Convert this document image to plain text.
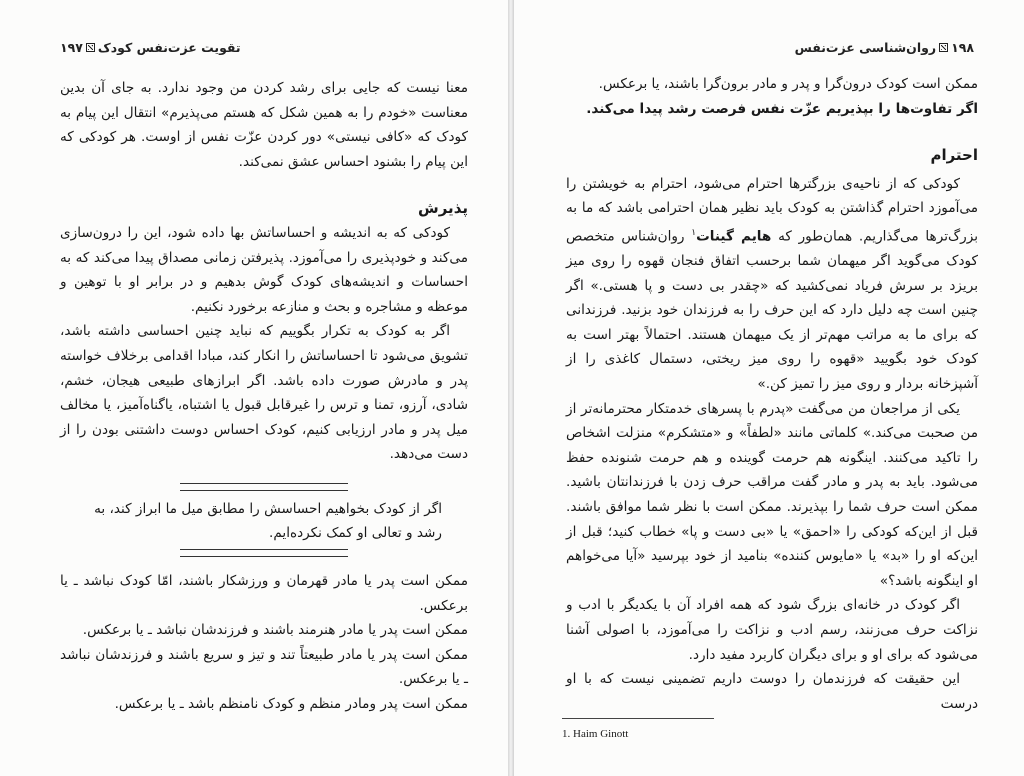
تقویت عزت‌نفس کودک۱۹۷

معنا نیست که جایی برای رشد کردن من وجود ندارد. به جای آن بدین معناست «خودم را به همین شکل که هستم می‌پذیرم» انتقال این پیام به کودک که «کافی نیستی» دور کردن عزّت نفس از اوست. هر کودکی که این پیام را بشنود احساس عشق نمی‌کند.

پذیرش

کودکی که به اندیشه و احساساتش بها داده شود، این را درون‌سازی می‌کند و خودپذیری را می‌آموزد. پذیرفتن زمانی مصداق پیدا می‌کند که به احساسات و اندیشه‌های کودک گوش بدهیم و در برابر او با توهین و موعظه و مشاجره و بحث و منازعه برخورد نکنیم.

اگر به کودک به تکرار بگوییم که نباید چنین احساسی داشته باشد، تشویق می‌شود تا احساساتش را انکار کند، مبادا اقدامی برخلاف خواسته پدر و مادرش صورت داده باشد. اگر ابرازهای طبیعی هیجان، خشم، شادی، آرزو، تمنا و ترس را غیرقابل قبول یا اشتباه، یاگناه‌آمیز، یا مخالف میل پدر و مادر ارزیابی کنیم، کودک احساس دوست داشتنی بودن را از دست می‌دهد.

اگر از کودک بخواهیم احساسش را مطابق میل ما ابراز کند، به رشد و تعالی او کمک نکرده‌ایم.

ممکن است پدر یا مادر قهرمان و ورزشکار باشند، امّا کودک نباشد ـ یا برعکس.

ممکن است پدر یا مادر هنرمند باشند و فرزندشان نباشد ـ یا برعکس.

ممکن است پدر یا مادر طبیعتاً تند و تیز و سریع باشند و فرزندشان نباشد ـ یا برعکس.

ممکن است پدر ومادر منظم و کودک نامنظم باشد ـ یا برعکس.

۱۹۸روان‌شناسی عزت‌نفس

ممکن است کودک درون‌گرا و پدر و مادر برون‌گرا باشند، یا برعکس.

اگر تفاوت‌ها را بپذیریم عزّت نفس فرصت رشد پیدا می‌کند.

احترام

کودکی که از ناحیه‌ی بزرگترها احترام می‌شود، احترام به خویشتن را می‌آموزد احترام گذاشتن به کودک باید نظیر همان احترامی باشد که ما به بزرگ‌ترها می‌گذاریم. همان‌طور که هایم گینات$^۱$ روان‌شناس متخصص کودک می‌گوید اگر میهمان شما برحسب اتفاق فنجان قهوه را روی میز بریزد بر سرش فریاد نمی‌کشید که «چقدر بی دست و پا هستی.» اگر چنین است چه دلیل دارد که این حرف را به فرزندان خود بزنید. فرزندانی که برای ما به مراتب مهم‌تر از یک میهمان هستند. احتمالاً بهتر است به کودک خود بگویید «قهوه را روی میز ریختی، دستمال کاغذی را از آشپزخانه بردار و روی میز را تمیز کن.»

یکی از مراجعان من می‌گفت «پدرم با پسرهای خدمتکار محترمانه‌تر از من صحبت می‌کند.» کلماتی مانند «لطفاً» و «متشکرم» منزلت اشخاص را تاکید می‌کنند. اینگونه هم حرمت گوینده و هم حرمت شنونده حفظ می‌شود. باید به پدر و مادر گفت مراقب حرف زدن با فرزندانتان باشید. ممکن است حرف شما را بپذیرند. ممکن است با نظر شما موافق باشند. قبل از این‌که کودکی را «احمق» یا «بی دست و پا» خطاب کنید؛ قبل از این‌که او را «بد» یا «مایوس کننده» بنامید از خود بپرسید «آیا می‌خواهم او اینگونه باشد؟»

اگر کودک در خانه‌ای بزرگ شود که همه افراد آن با یکدیگر با ادب و نزاکت حرف می‌زنند، رسم ادب و نزاکت را می‌آموزد، با اصولی آشنا می‌شود که برای او و برای دیگران کاربرد مفید دارد.

این حقیقت که فرزندمان را دوست داریم تضمینی نیست که با او درست

1. Haim Ginott
